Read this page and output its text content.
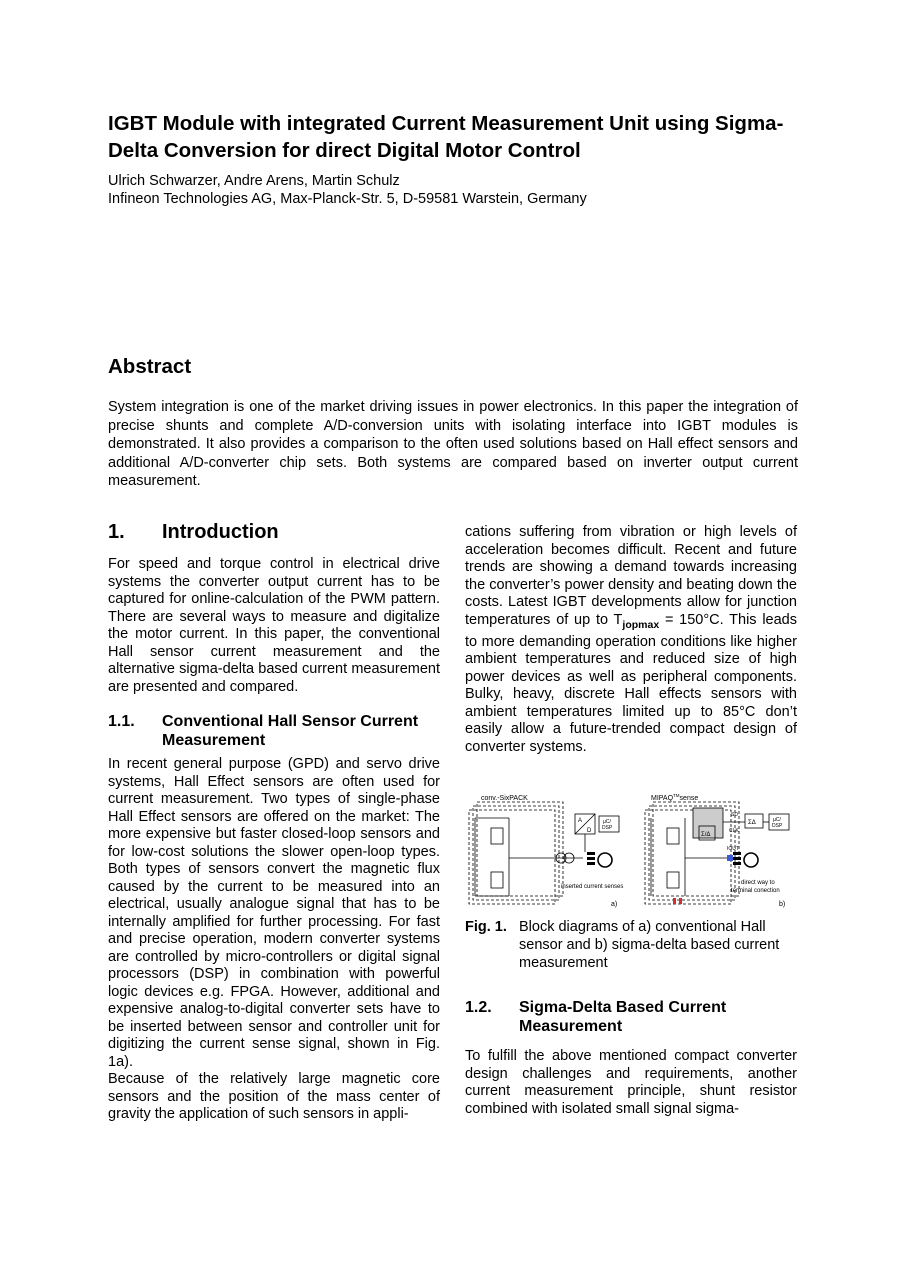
IGBT Module with integrated Current Measurement Unit using Sigma-Delta Conversion for direct Digital Motor Control
Ulrich Schwarzer, Andre Arens, Martin Schulz
Infineon Technologies AG, Max-Planck-Str. 5, D-59581 Warstein, Germany
Abstract

System integration is one of the market driving issues in power electronics. In this paper the integration of precise shunts and complete A/D-conversion units with isolating interface into IGBT modules is demonstrated. It also provides a comparison to the often used solutions based on Hall effect sensors and additional A/D-converter chip sets. Both systems are compared based on inverter output current measurement.

1.	Introduction

For speed and torque control in electrical drive systems the converter output current has to be captured for online-calculation of the PWM pattern. There are several ways to measure and digitalize the motor current. In this paper, the conventional Hall sensor current measurement and the alternative sigma-delta based current measurement are presented and compared.

1.1.	Conventional Hall Sensor Current Measurement

In recent general purpose (GPD) and servo drive systems, Hall Effect sensors are often used for current measurement. Two types of single-phase Hall Effect sensors are offered on the market: The more expensive but faster closed-loop sensors and for low-cost solutions the slower open-loop types. Both types of sensors convert the magnetic flux caused by the current to be measured into an electrical, usually analogue signal that has to be internally amplified for further processing. For fast and precise operation, modern converter systems are controlled by micro-controllers or digital signal processors (DSP) in combination with powerful logic devices e.g. FPGA. However, additional and expensive analog-to-digital converter sets have to be inserted between sensor and controller unit for digitizing the current sense signal, shown in Fig. 1a).

Because of the relatively large magnetic core sensors and the position of the mass center of gravity the application of such sensors in appli-

cations suffering from vibration or high levels of acceleration becomes difficult. Recent and future trends are showing a demand towards increasing the converter’s power density and beating down the costs. Latest IGBT developments allow for junction temperatures of up to $T_{jopmax} = 150^\circ C$. This leads to more demanding operation conditions like higher ambient temperatures and reduced size of high power devices as well as peripheral components. Bulky, heavy, discrete Hall effects sensors with ambient temperatures limited up to 85°C don’t easily allow a future-trended compact design of converter systems.

conv.-SixPACK
A
D
µC/
DSP
inserted current senses
a)
MIPAQ™sense
Σ/Δ
SD
CLK
IOUT
ΣΔ	µC/
DSP
direct way to
terminal conection
b)
Fig. 1. Block diagrams of a) conventional Hall sensor and b) sigma-delta based current measurement
1.2.	Sigma-Delta Based Current Measurement

To fulfill the above mentioned compact converter design challenges and requirements, another current measurement principle, shunt resistor combined with isolated small signal sigma-
